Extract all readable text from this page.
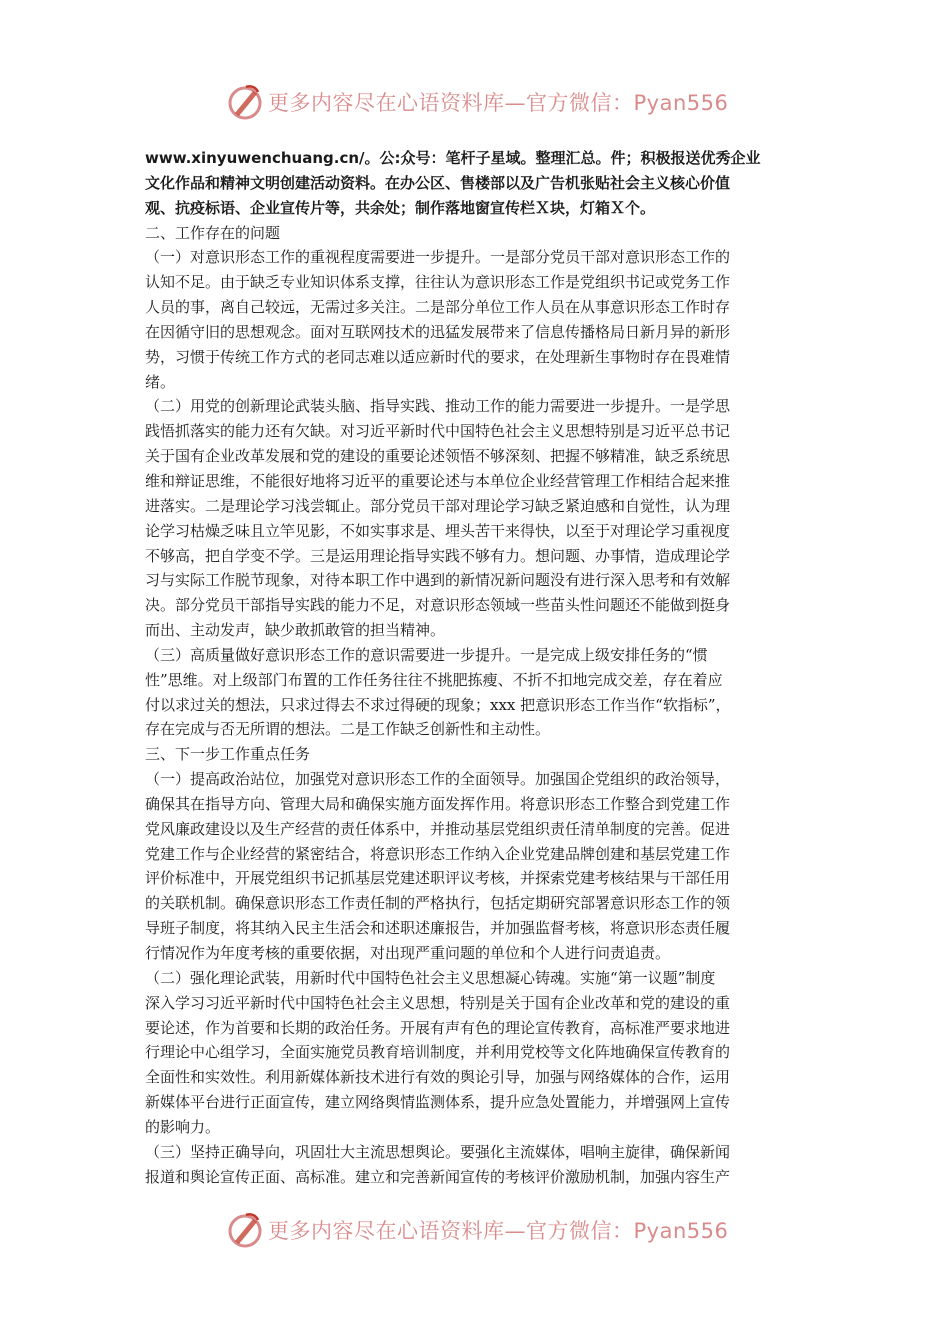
更多内容尽在心语资料库—官方微信：Pyan556
www.xinyuwenchuang.cn/。公:众号：笔杆子星域。整理汇总。件；积极报送优秀企业
文化作品和精神文明创建活动资料。在办公区、售楼部以及广告机张贴社会主义核心价值
观、抗疫标语、企业宣传片等，共余处；制作落地窗宣传栏Ｘ块，灯箱Ｘ个。
二、工作存在的问题
（一）对意识形态工作的重视程度需要进一步提升。一是部分党员干部对意识形态工作的
认知不足。由于缺乏专业知识体系支撑，往往认为意识形态工作是党组织书记或党务工作
人员的事，离自己较远，无需过多关注。二是部分单位工作人员在从事意识形态工作时存
在因循守旧的思想观念。面对互联网技术的迅猛发展带来了信息传播格局日新月异的新形
势，习惯于传统工作方式的老同志难以适应新时代的要求，在处理新生事物时存在畏难情
绪。
（二）用党的创新理论武装头脑、指导实践、推动工作的能力需要进一步提升。一是学思
践悟抓落实的能力还有欠缺。对习近平新时代中国特色社会主义思想特别是习近平总书记
关于国有企业改革发展和党的建设的重要论述领悟不够深刻、把握不够精准，缺乏系统思
维和辩证思维，不能很好地将习近平的重要论述与本单位企业经营管理工作相结合起来推
进落实。二是理论学习浅尝辄止。部分党员干部对理论学习缺乏紧迫感和自觉性，认为理
论学习枯燥乏味且立竿见影，不如实事求是、埋头苦干来得快，以至于对理论学习重视度
不够高，把自学变不学。三是运用理论指导实践不够有力。想问题、办事情，造成理论学
习与实际工作脱节现象，对待本职工作中遇到的新情况新问题没有进行深入思考和有效解
决。部分党员干部指导实践的能力不足，对意识形态领域一些苗头性问题还不能做到挺身
而出、主动发声，缺少敢抓敢管的担当精神。
（三）高质量做好意识形态工作的意识需要进一步提升。一是完成上级安排任务的“惯
性”思维。对上级部门布置的工作任务往往不挑肥拣瘦、不折不扣地完成交差，存在着应
付以求过关的想法，只求过得去不求过得硬的现象；xxx 把意识形态工作当作“软指标”，
存在完成与否无所谓的想法。二是工作缺乏创新性和主动性。
三、下一步工作重点任务
（一）提高政治站位，加强党对意识形态工作的全面领导。加强国企党组织的政治领导，
确保其在指导方向、管理大局和确保实施方面发挥作用。将意识形态工作整合到党建工作
党风廉政建设以及生产经营的责任体系中，并推动基层党组织责任清单制度的完善。促进
党建工作与企业经营的紧密结合，将意识形态工作纳入企业党建品牌创建和基层党建工作
评价标准中，开展党组织书记抓基层党建述职评议考核，并探索党建考核结果与干部任用
的关联机制。确保意识形态工作责任制的严格执行，包括定期研究部署意识形态工作的领
导班子制度，将其纳入民主生活会和述职述廉报告，并加强监督考核，将意识形态责任履
行情况作为年度考核的重要依据，对出现严重问题的单位和个人进行问责追责。
（二）强化理论武装，用新时代中国特色社会主义思想凝心铸魂。实施“第一议题”制度
深入学习习近平新时代中国特色社会主义思想，特别是关于国有企业改革和党的建设的重
要论述，作为首要和长期的政治任务。开展有声有色的理论宣传教育，高标准严要求地进
行理论中心组学习，全面实施党员教育培训制度，并利用党校等文化阵地确保宣传教育的
全面性和实效性。利用新媒体新技术进行有效的舆论引导，加强与网络媒体的合作，运用
新媒体平台进行正面宣传，建立网络舆情监测体系，提升应急处置能力，并增强网上宣传
的影响力。
（三）坚持正确导向，巩固壮大主流思想舆论。要强化主流媒体，唱响主旋律，确保新闻
报道和舆论宣传正面、高标准。建立和完善新闻宣传的考核评价激励机制，加强内容生产
更多内容尽在心语资料库—官方微信：Pyan556
